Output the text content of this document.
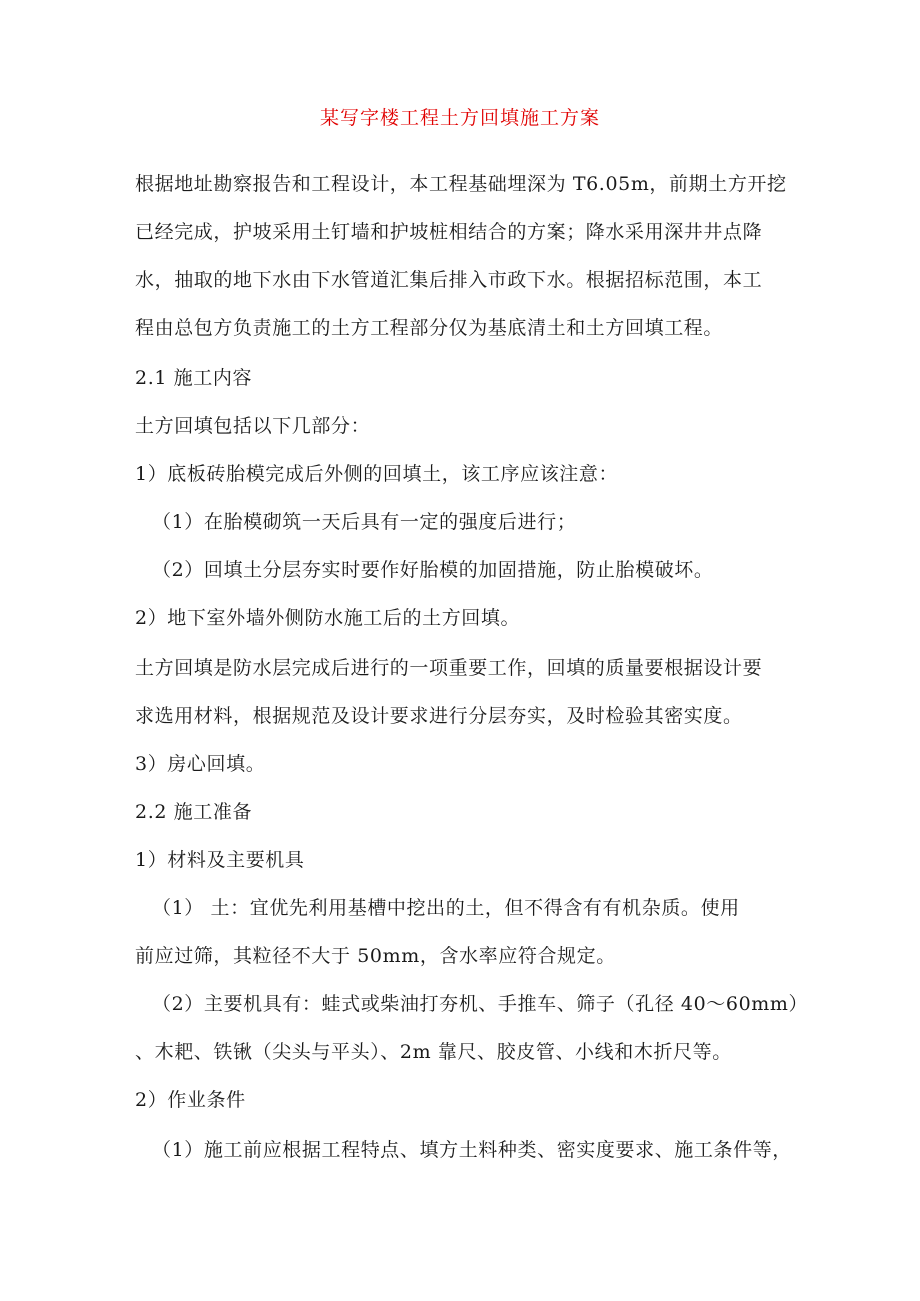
某写字楼工程土方回填施工方案
根据地址勘察报告和工程设计，本工程基础埋深为 T6.05m，前期土方开挖
已经完成，护坡采用土钉墙和护坡桩相结合的方案；降水采用深井井点降
水，抽取的地下水由下水管道汇集后排入市政下水。根据招标范围，本工
程由总包方负责施工的土方工程部分仅为基底清土和土方回填工程。
2.1 施工内容
土方回填包括以下几部分：
1）底板砖胎模完成后外侧的回填土，该工序应该注意：
（1）在胎模砌筑一天后具有一定的强度后进行；
（2）回填土分层夯实时要作好胎模的加固措施，防止胎模破坏。
2）地下室外墙外侧防水施工后的土方回填。
土方回填是防水层完成后进行的一项重要工作，回填的质量要根据设计要
求选用材料，根据规范及设计要求进行分层夯实，及时检验其密实度。
3）房心回填。
2.2 施工准备
1）材料及主要机具
（1） 土：宜优先利用基槽中挖出的土，但不得含有有机杂质。使用
前应过筛，其粒径不大于 50mm，含水率应符合规定。
（2）主要机具有：蛙式或柴油打夯机、手推车、筛子（孔径 40～60mm）
、木耙、铁锹（尖头与平头）、2m 靠尺、胶皮管、小线和木折尺等。
2）作业条件
（1）施工前应根据工程特点、填方土料种类、密实度要求、施工条件等，
